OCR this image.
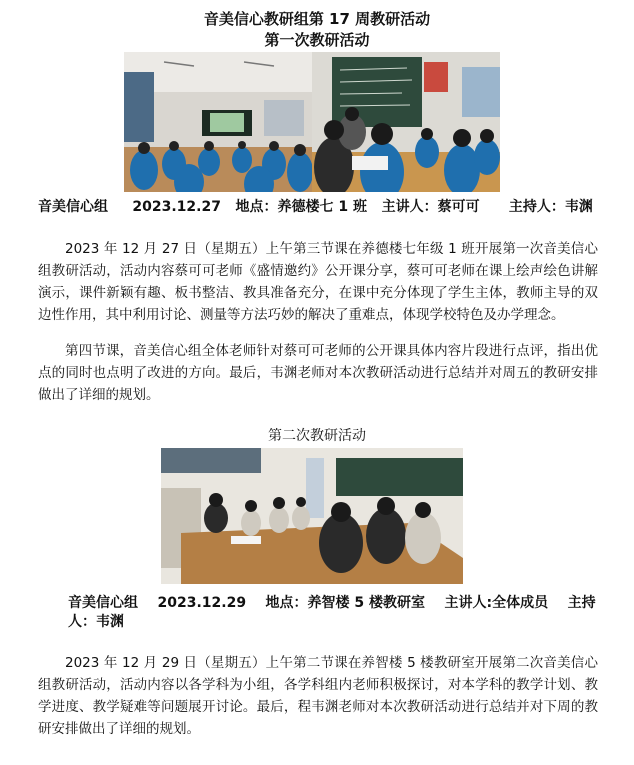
音美信心教研组第 17 周教研活动
第一次教研活动
音美信心组     2023.12.27   地点：养德楼七 1 班   主讲人：蔡可可      主持人：韦渊
2023 年 12 月 27 日（星期五）上午第三节课在养德楼七年级 1 班开展第一次音美信心组教研活动，活动内容蔡可可老师《盛情邀约》公开课分享，蔡可可老师在课上绘声绘色讲解演示，课件新颖有趣、板书整洁、教具准备充分，在课中充分体现了学生主体，教师主导的双边性作用，其中利用讨论、测量等方法巧妙的解决了重难点，体现学校特色及办学理念。
第四节课，音美信心组全体老师针对蔡可可老师的公开课具体内容片段进行点评，指出优点的同时也点明了改进的方向。最后，韦渊老师对本次教研活动进行总结并对周五的教研安排做出了详细的规划。
第二次教研活动
音美信心组    2023.12.29    地点：养智楼 5 楼教研室    主讲人:全体成员    主持人：韦渊
2023 年 12 月 29 日（星期五）上午第二节课在养智楼 5 楼教研室开展第二次音美信心组教研活动，活动内容以各学科为小组，各学科组内老师积极探讨，对本学科的教学计划、教学进度、教学疑难等问题展开讨论。最后，程韦渊老师对本次教研活动进行总结并对下周的教研安排做出了详细的规划。
